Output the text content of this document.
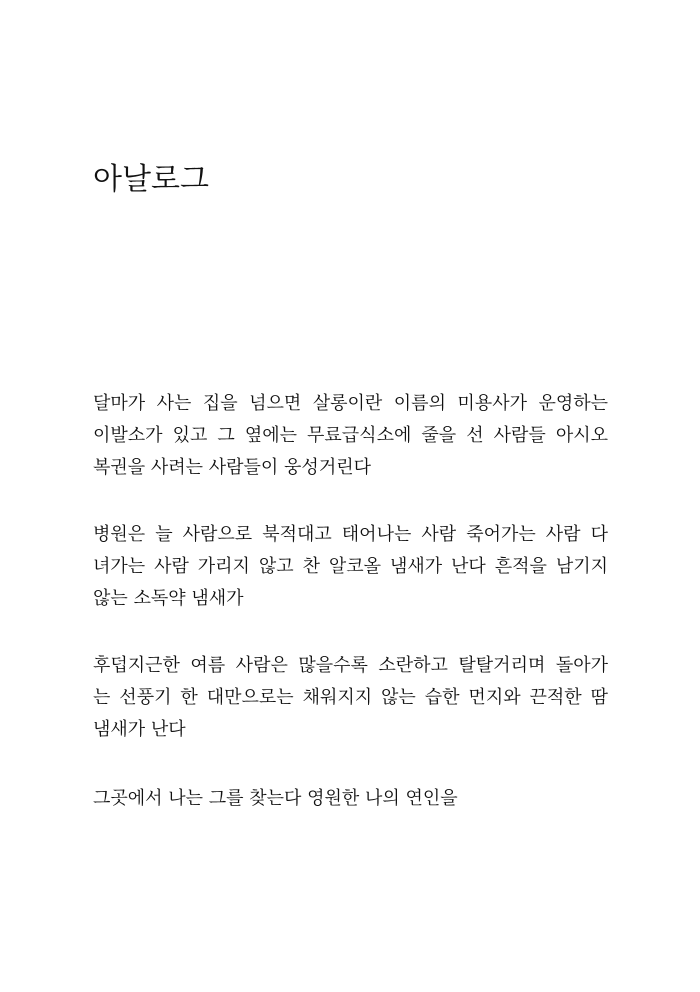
아날로그
달마가 사는 집을 넘으면 살롱이란 이름의 미용사가 운영하는
이발소가 있고 그 옆에는 무료급식소에 줄을 선 사람들 아시오
복권을 사려는 사람들이 웅성거린다
병원은 늘 사람으로 북적대고 태어나는 사람 죽어가는 사람 다
녀가는 사람 가리지 않고 찬 알코올 냄새가 난다 흔적을 남기지
않는 소독약 냄새가
후덥지근한 여름 사람은 많을수록 소란하고 탈탈거리며 돌아가
는 선풍기 한 대만으로는 채워지지 않는 습한 먼지와 끈적한 땀
냄새가 난다
그곳에서 나는 그를 찾는다 영원한 나의 연인을
